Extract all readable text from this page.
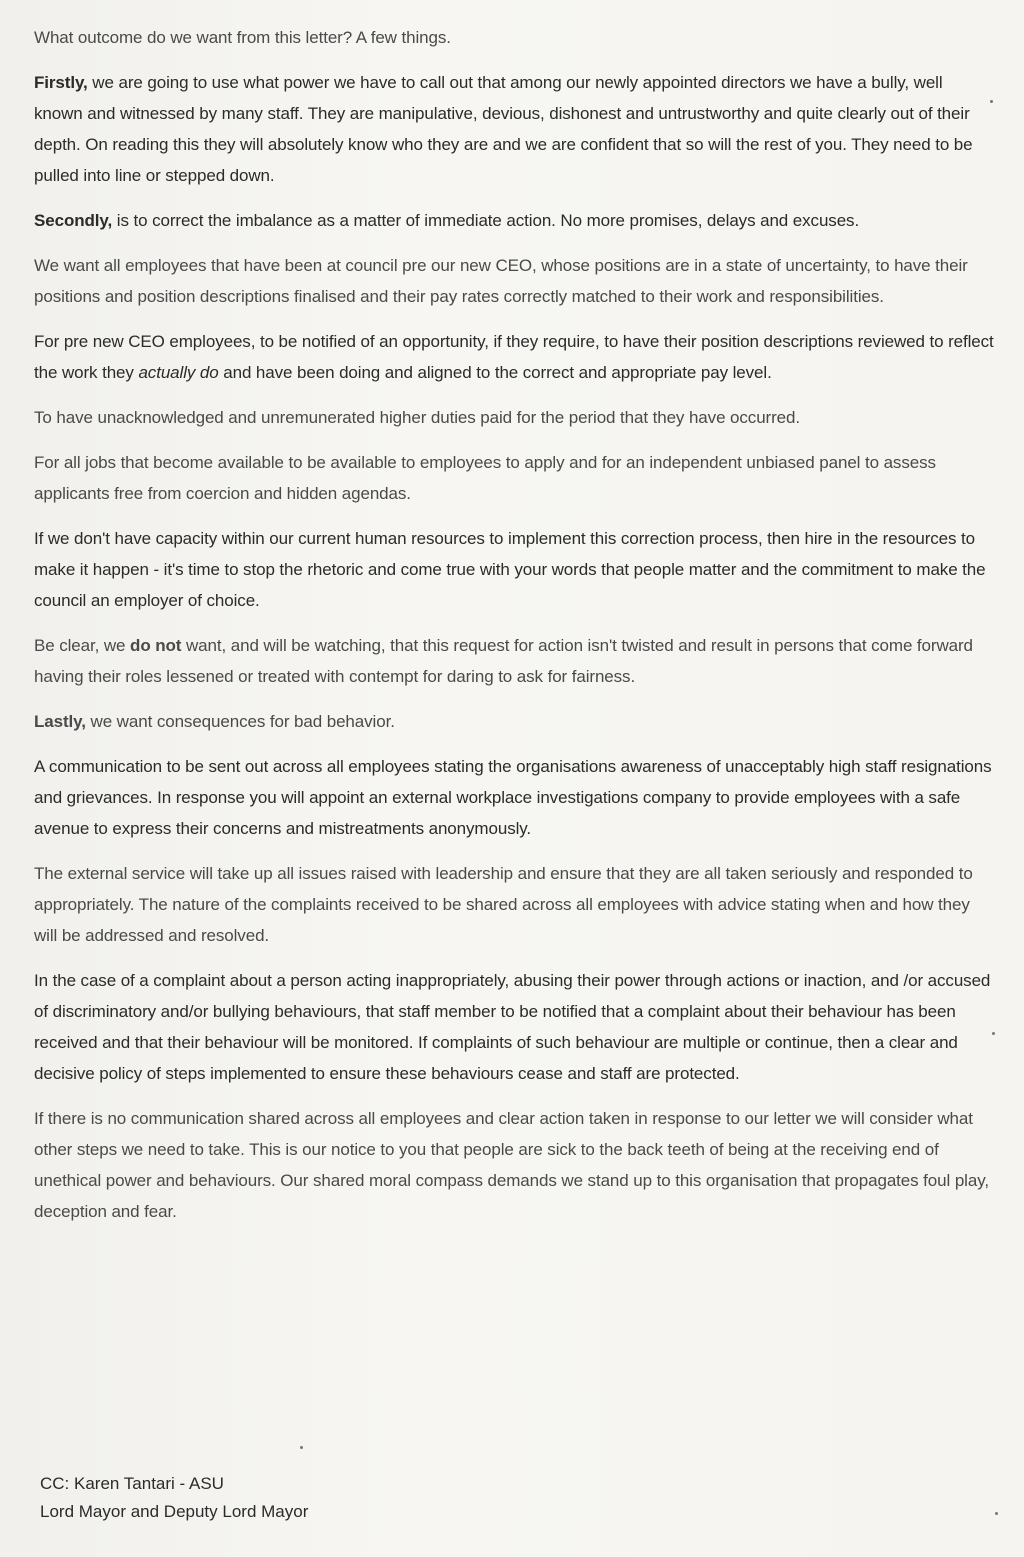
What outcome do we want from this letter? A few things.

Firstly, we are going to use what power we have to call out that among our newly appointed directors we have a bully, well known and witnessed by many staff. They are manipulative, devious, dishonest and untrustworthy and quite clearly out of their depth. On reading this they will absolutely know who they are and we are confident that so will the rest of you. They need to be pulled into line or stepped down.

Secondly, is to correct the imbalance as a matter of immediate action. No more promises, delays and excuses.

We want all employees that have been at council pre our new CEO, whose positions are in a state of uncertainty, to have their positions and position descriptions finalised and their pay rates correctly matched to their work and responsibilities.

For pre new CEO employees, to be notified of an opportunity, if they require, to have their position descriptions reviewed to reflect the work they actually do and have been doing and aligned to the correct and appropriate pay level.

To have unacknowledged and unremunerated higher duties paid for the period that they have occurred.

For all jobs that become available to be available to employees to apply and for an independent unbiased panel to assess applicants free from coercion and hidden agendas.

If we don't have capacity within our current human resources to implement this correction process, then hire in the resources to make it happen - it's time to stop the rhetoric and come true with your words that people matter and the commitment to make the council an employer of choice.

Be clear, we do not want, and will be watching, that this request for action isn't twisted and result in persons that come forward having their roles lessened or treated with contempt for daring to ask for fairness.

Lastly, we want consequences for bad behavior.

A communication to be sent out across all employees stating the organisations awareness of unacceptably high staff resignations and grievances. In response you will appoint an external workplace investigations company to provide employees with a safe avenue to express their concerns and mistreatments anonymously.

The external service will take up all issues raised with leadership and ensure that they are all taken seriously and responded to appropriately. The nature of the complaints received to be shared across all employees with advice stating when and how they will be addressed and resolved.

In the case of a complaint about a person acting inappropriately, abusing their power through actions or inaction, and /or accused of discriminatory and/or bullying behaviours, that staff member to be notified that a complaint about their behaviour has been received and that their behaviour will be monitored. If complaints of such behaviour are multiple or continue, then a clear and decisive policy of steps implemented to ensure these behaviours cease and staff are protected.

If there is no communication shared across all employees and clear action taken in response to our letter we will consider what other steps we need to take. This is our notice to you that people are sick to the back teeth of being at the receiving end of unethical power and behaviours. Our shared moral compass demands we stand up to this organisation that propagates foul play, deception and fear.

CC: Karen Tantari - ASU
Lord Mayor and Deputy Lord Mayor
